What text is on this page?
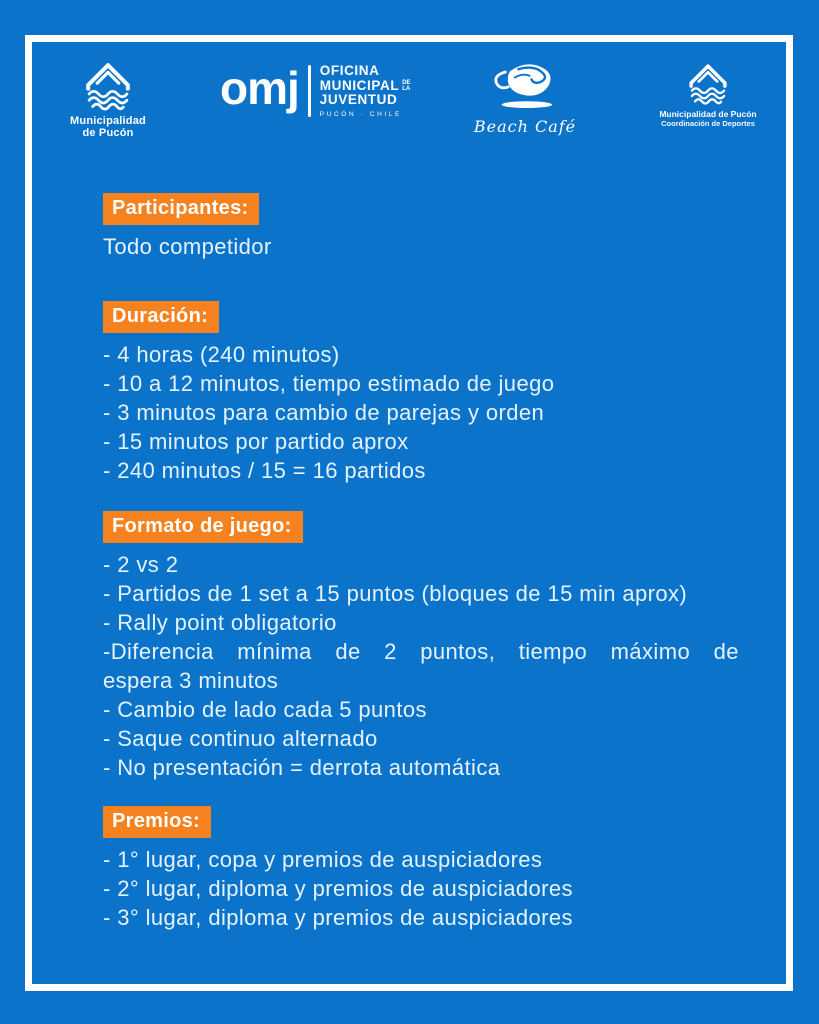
Municipalidad
de Pucón
omj OFICINA
MUNICIPAL DE LA
JUVENTUD
PUCÓN · CHILE
Beach Café
Municipalidad de Pucón
Coordinación de Deportes
Participantes:
Todo competidor
Duración:
- 4 horas (240 minutos)
- 10 a 12 minutos, tiempo estimado de juego
- 3 minutos para cambio de parejas y orden
- 15 minutos por partido aprox
- 240 minutos / 15 = 16 partidos
Formato de juego:
- 2 vs 2
- Partidos de 1 set a 15 puntos (bloques de 15 min aprox)
- Rally point obligatorio
-Diferencia mínima de 2 puntos, tiempo máximo de
espera 3 minutos
- Cambio de lado cada 5 puntos
- Saque continuo alternado
- No presentación = derrota automática
Premios:
- 1° lugar, copa y premios de auspiciadores
- 2° lugar, diploma y premios de auspiciadores
- 3° lugar, diploma y premios de auspiciadores
